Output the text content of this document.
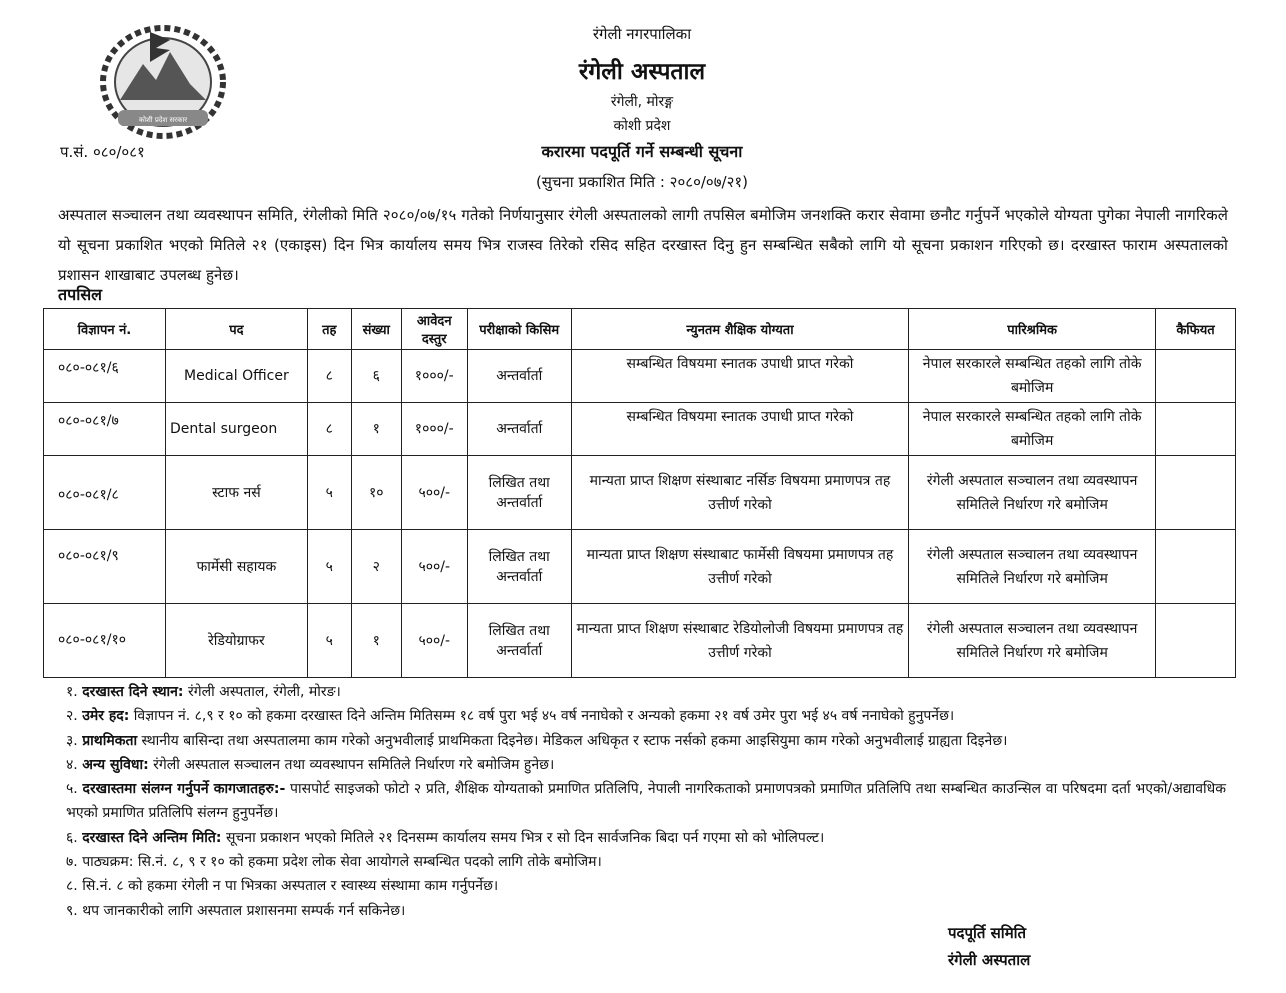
कोशी प्रदेश सरकार
रंगेली नगरपालिका
रंगेली अस्पताल
रंगेली, मोरङ्ग
कोशी प्रदेश
प.सं. ०८०/०८१	करारमा पदपूर्ति गर्ने सम्बन्धी सूचना
(सुचना प्रकाशित मिति : २०८०/०७/२१)
अस्पताल सञ्चालन तथा व्यवस्थापन समिति, रंगेलीको मिति २०८०/०७/१५ गतेको निर्णयानुसार रंगेली अस्पतालको लागी तपसिल बमोजिम जनशक्ति करार सेवामा छनौट गर्नुपर्ने भएकोले योग्यता पुगेका नेपाली नागरिकले यो सूचना प्रकाशित भएको मितिले २१ (एकाइस) दिन भित्र कार्यालय समय भित्र राजस्व तिरेको रसिद सहित दरखास्त दिनु हुन सम्बन्धित सबैको लागि यो सूचना प्रकाशन गरिएको छ। दरखास्त फाराम अस्पतालको प्रशासन शाखाबाट उपलब्ध हुनेछ।
तपसिल
विज्ञापन नं.	पद	तह	संख्या	आवेदन दस्तुर	परीक्षाको किसिम	न्युनतम शैक्षिक योग्यता	पारिश्रमिक	कैफियत
०८०-०८१/६	Medical Officer	८	६	१०००/-	अन्तर्वार्ता	सम्बन्धित विषयमा स्नातक उपाधी प्राप्त गरेको	नेपाल सरकारले सम्बन्धित तहको लागि तोके बमोजिम	
०८०-०८१/७	Dental surgeon	८	१	१०००/-	अन्तर्वार्ता	सम्बन्धित विषयमा स्नातक उपाधी प्राप्त गरेको	नेपाल सरकारले सम्बन्धित तहको लागि तोके बमोजिम	
०८०-०८१/८	स्टाफ नर्स	५	१०	५००/-	लिखित तथा अन्तर्वार्ता	मान्यता प्राप्त शिक्षण संस्थाबाट नर्सिङ विषयमा प्रमाणपत्र तह उत्तीर्ण गरेको	रंगेली अस्पताल सञ्चालन तथा व्यवस्थापन समितिले निर्धारण गरे बमोजिम	
०८०-०८१/९	फार्मेसी सहायक	५	२	५००/-	लिखित तथा अन्तर्वार्ता	मान्यता प्राप्त शिक्षण संस्थाबाट फार्मेसी विषयमा प्रमाणपत्र तह उत्तीर्ण गरेको	रंगेली अस्पताल सञ्चालन तथा व्यवस्थापन समितिले निर्धारण गरे बमोजिम	
०८०-०८१/१०	रेडियोग्राफर	५	१	५००/-	लिखित तथा अन्तर्वार्ता	मान्यता प्राप्त शिक्षण संस्थाबाट रेडियोलोजी विषयमा प्रमाणपत्र तह उत्तीर्ण गरेको	रंगेली अस्पताल सञ्चालन तथा व्यवस्थापन समितिले निर्धारण गरे बमोजिम	
१. दरखास्त दिने स्थान: रंगेली अस्पताल, रंगेली, मोरङ।
२. उमेर हद: विज्ञापन नं. ८,९ र १० को हकमा दरखास्त दिने अन्तिम मितिसम्म १८ वर्ष पुरा भई ४५ वर्ष ननाघेको र अन्यको हकमा २१ वर्ष उमेर पुरा भई ४५ वर्ष ननाघेको हुनुपर्नेछ।
३. प्राथमिकता स्थानीय बासिन्दा तथा अस्पतालमा काम गरेको अनुभवीलाई प्राथमिकता दिइनेछ। मेडिकल अधिकृत र स्टाफ नर्सको हकमा आइसियुमा काम गरेको अनुभवीलाई ग्राह्यता दिइनेछ।
४. अन्य सुविधा: रंगेली अस्पताल सञ्चालन तथा व्यवस्थापन समितिले निर्धारण गरे बमोजिम हुनेछ।
५. दरखास्तमा संलग्न गर्नुपर्ने कागजातहरु:- पासपोर्ट साइजको फोटो २ प्रति, शैक्षिक योग्यताको प्रमाणित प्रतिलिपि, नेपाली नागरिकताको प्रमाणपत्रको प्रमाणित प्रतिलिपि तथा सम्बन्धित काउन्सिल वा परिषदमा दर्ता भएको/अद्यावधिक भएको प्रमाणित प्रतिलिपि संलग्न हुनुपर्नेछ।
६. दरखास्त दिने अन्तिम मिति: सूचना प्रकाशन भएको मितिले २१ दिनसम्म कार्यालय समय भित्र र सो दिन सार्वजनिक बिदा पर्न गएमा सो को भोलिपल्ट।
७. पाठ्यक्रम: सि.नं. ८, ९ र १० को हकमा प्रदेश लोक सेवा आयोगले सम्बन्धित पदको लागि तोके बमोजिम।
८. सि.नं. ८ को हकमा रंगेली न पा भित्रका अस्पताल र स्वास्थ्य संस्थामा काम गर्नुपर्नेछ।
९. थप जानकारीको लागि अस्पताल प्रशासनमा सम्पर्क गर्न सकिनेछ।
पदपूर्ति समिति
रंगेली अस्पताल
